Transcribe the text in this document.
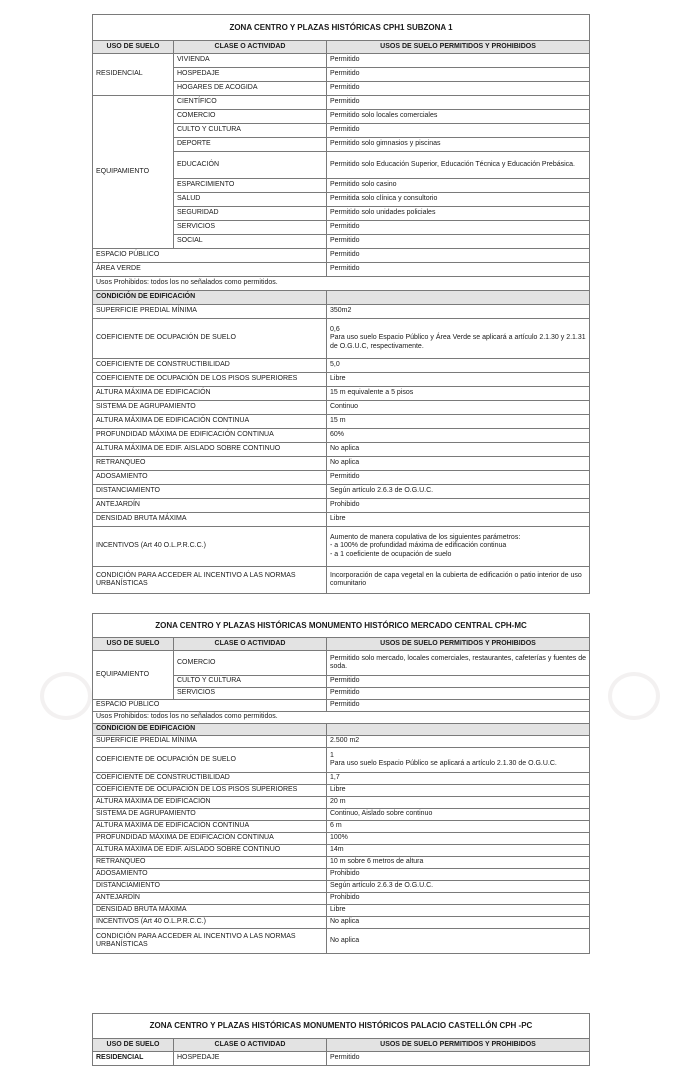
ZONA CENTRO Y PLAZAS HISTÓRICAS CPH1 SUBZONA 1		
USO DE SUELO	CLASE O ACTIVIDAD	USOS DE SUELO PERMITIDOS Y PROHIBIDOS
RESIDENCIAL	VIVIENDA	Permitido
	HOSPEDAJE	Permitido
	HOGARES DE ACOGIDA	Permitido
EQUIPAMIENTO	CIENTÍFICO	Permitido
	COMERCIO	Permitido solo locales comerciales
	CULTO Y CULTURA	Permitido
	DEPORTE	Permitido solo gimnasios y piscinas
	EDUCACIÓN	Permitido solo Educación Superior, Educación Técnica y Educación Prebásica.
	ESPARCIMIENTO	Permitido solo casino
	SALUD	Permitida solo clínica y consultorio
	SEGURIDAD	Permitido solo unidades policiales
	SERVICIOS	Permitido
	SOCIAL	Permitido
ESPACIO PÚBLICO		Permitido
ÁREA VERDE		Permitido
Usos Prohibidos: todos los no señalados como permitidos.		
CONDICIÓN DE EDIFICACIÓN		
SUPERFICIE PREDIAL MÍNIMA		350m2
COEFICIENTE DE OCUPACIÓN DE SUELO		0,6
Para uso suelo Espacio Público y Área Verde se aplicará a artículo 2.1.30 y 2.1.31 de O.G.U.C, respectivamente.

COEFICIENTE DE CONSTRUCTIBILIDAD		5,0
COEFICIENTE DE OCUPACIÓN DE LOS PISOS SUPERIORES		Libre
ALTURA MÁXIMA DE EDIFICACIÓN		15 m equivalente a 5 pisos
SISTEMA DE AGRUPAMIENTO		Continuo
ALTURA MÁXIMA DE EDIFICACIÓN CONTINUA		15 m
PROFUNDIDAD MÁXIMA DE EDIFICACIÓN CONTINUA		60%
ALTURA MÁXIMA DE EDIF. AISLADO SOBRE CONTINUO		No aplica
RETRANQUEO		No aplica
ADOSAMIENTO		Permitido
DISTANCIAMIENTO		Según artículo 2.6.3 de O.G.U.C.
ANTEJARDÍN		Prohibido
DENSIDAD BRUTA MÁXIMA		Libre
INCENTIVOS (Art 40 O.L.P.R.C.C.)		Aumento de manera copulativa de los siguientes parámetros:
- a 100% de profundidad máxima de edificación continua
- a 1 coeficiente de ocupación de suelo

CONDICIÓN PARA ACCEDER AL INCENTIVO A LAS NORMAS URBANÍSTICAS		Incorporación de capa vegetal en la cubierta de edificación o patio interior de uso comunitario
ZONA CENTRO Y PLAZAS HISTÓRICAS MONUMENTO HISTÓRICO MERCADO CENTRAL CPH-MC		
USO DE SUELO	CLASE O ACTIVIDAD	USOS DE SUELO PERMITIDOS Y PROHIBIDOS
EQUIPAMIENTO	COMERCIO	Permitido solo mercado, locales comerciales, restaurantes, cafeterías y fuentes de soda.
	CULTO Y CULTURA	Permitido
	SERVICIOS	Permitido
ESPACIO PÚBLICO		Permitido
Usos Prohibidos: todos los no señalados como permitidos.		
CONDICIÓN DE EDIFICACIÓN		
SUPERFICIE PREDIAL MÍNIMA		2.500 m2
COEFICIENTE DE OCUPACIÓN DE SUELO		1
Para uso suelo Espacio Público se aplicará a artículo 2.1.30 de O.G.U.C.

COEFICIENTE DE CONSTRUCTIBILIDAD		1,7
COEFICIENTE DE OCUPACIÓN DE LOS PISOS SUPERIORES		Libre
ALTURA MÁXIMA DE EDIFICACIÓN		20 m
SISTEMA DE AGRUPAMIENTO		Continuo, Aislado sobre continuo
ALTURA MÁXIMA DE EDIFICACIÓN CONTINUA		6 m
PROFUNDIDAD MÁXIMA DE EDIFICACIÓN CONTINUA		100%
ALTURA MÁXIMA DE EDIF. AISLADO SOBRE CONTINUO		14m
RETRANQUEO		10 m sobre 6 metros de altura
ADOSAMIENTO		Prohibido
DISTANCIAMIENTO		Según artículo 2.6.3 de O.G.U.C.
ANTEJARDÍN		Prohibido
DENSIDAD BRUTA MÁXIMA		Libre
INCENTIVOS (Art 40 O.L.P.R.C.C.)		No aplica
CONDICIÓN PARA ACCEDER AL INCENTIVO A LAS NORMAS URBANÍSTICAS		No aplica
ZONA CENTRO Y PLAZAS HISTÓRICAS MONUMENTO HISTÓRICOS PALACIO CASTELLÓN CPH -PC		
USO DE SUELO	CLASE O ACTIVIDAD	USOS DE SUELO PERMITIDOS Y PROHIBIDOS
RESIDENCIAL	HOSPEDAJE	Permitido
